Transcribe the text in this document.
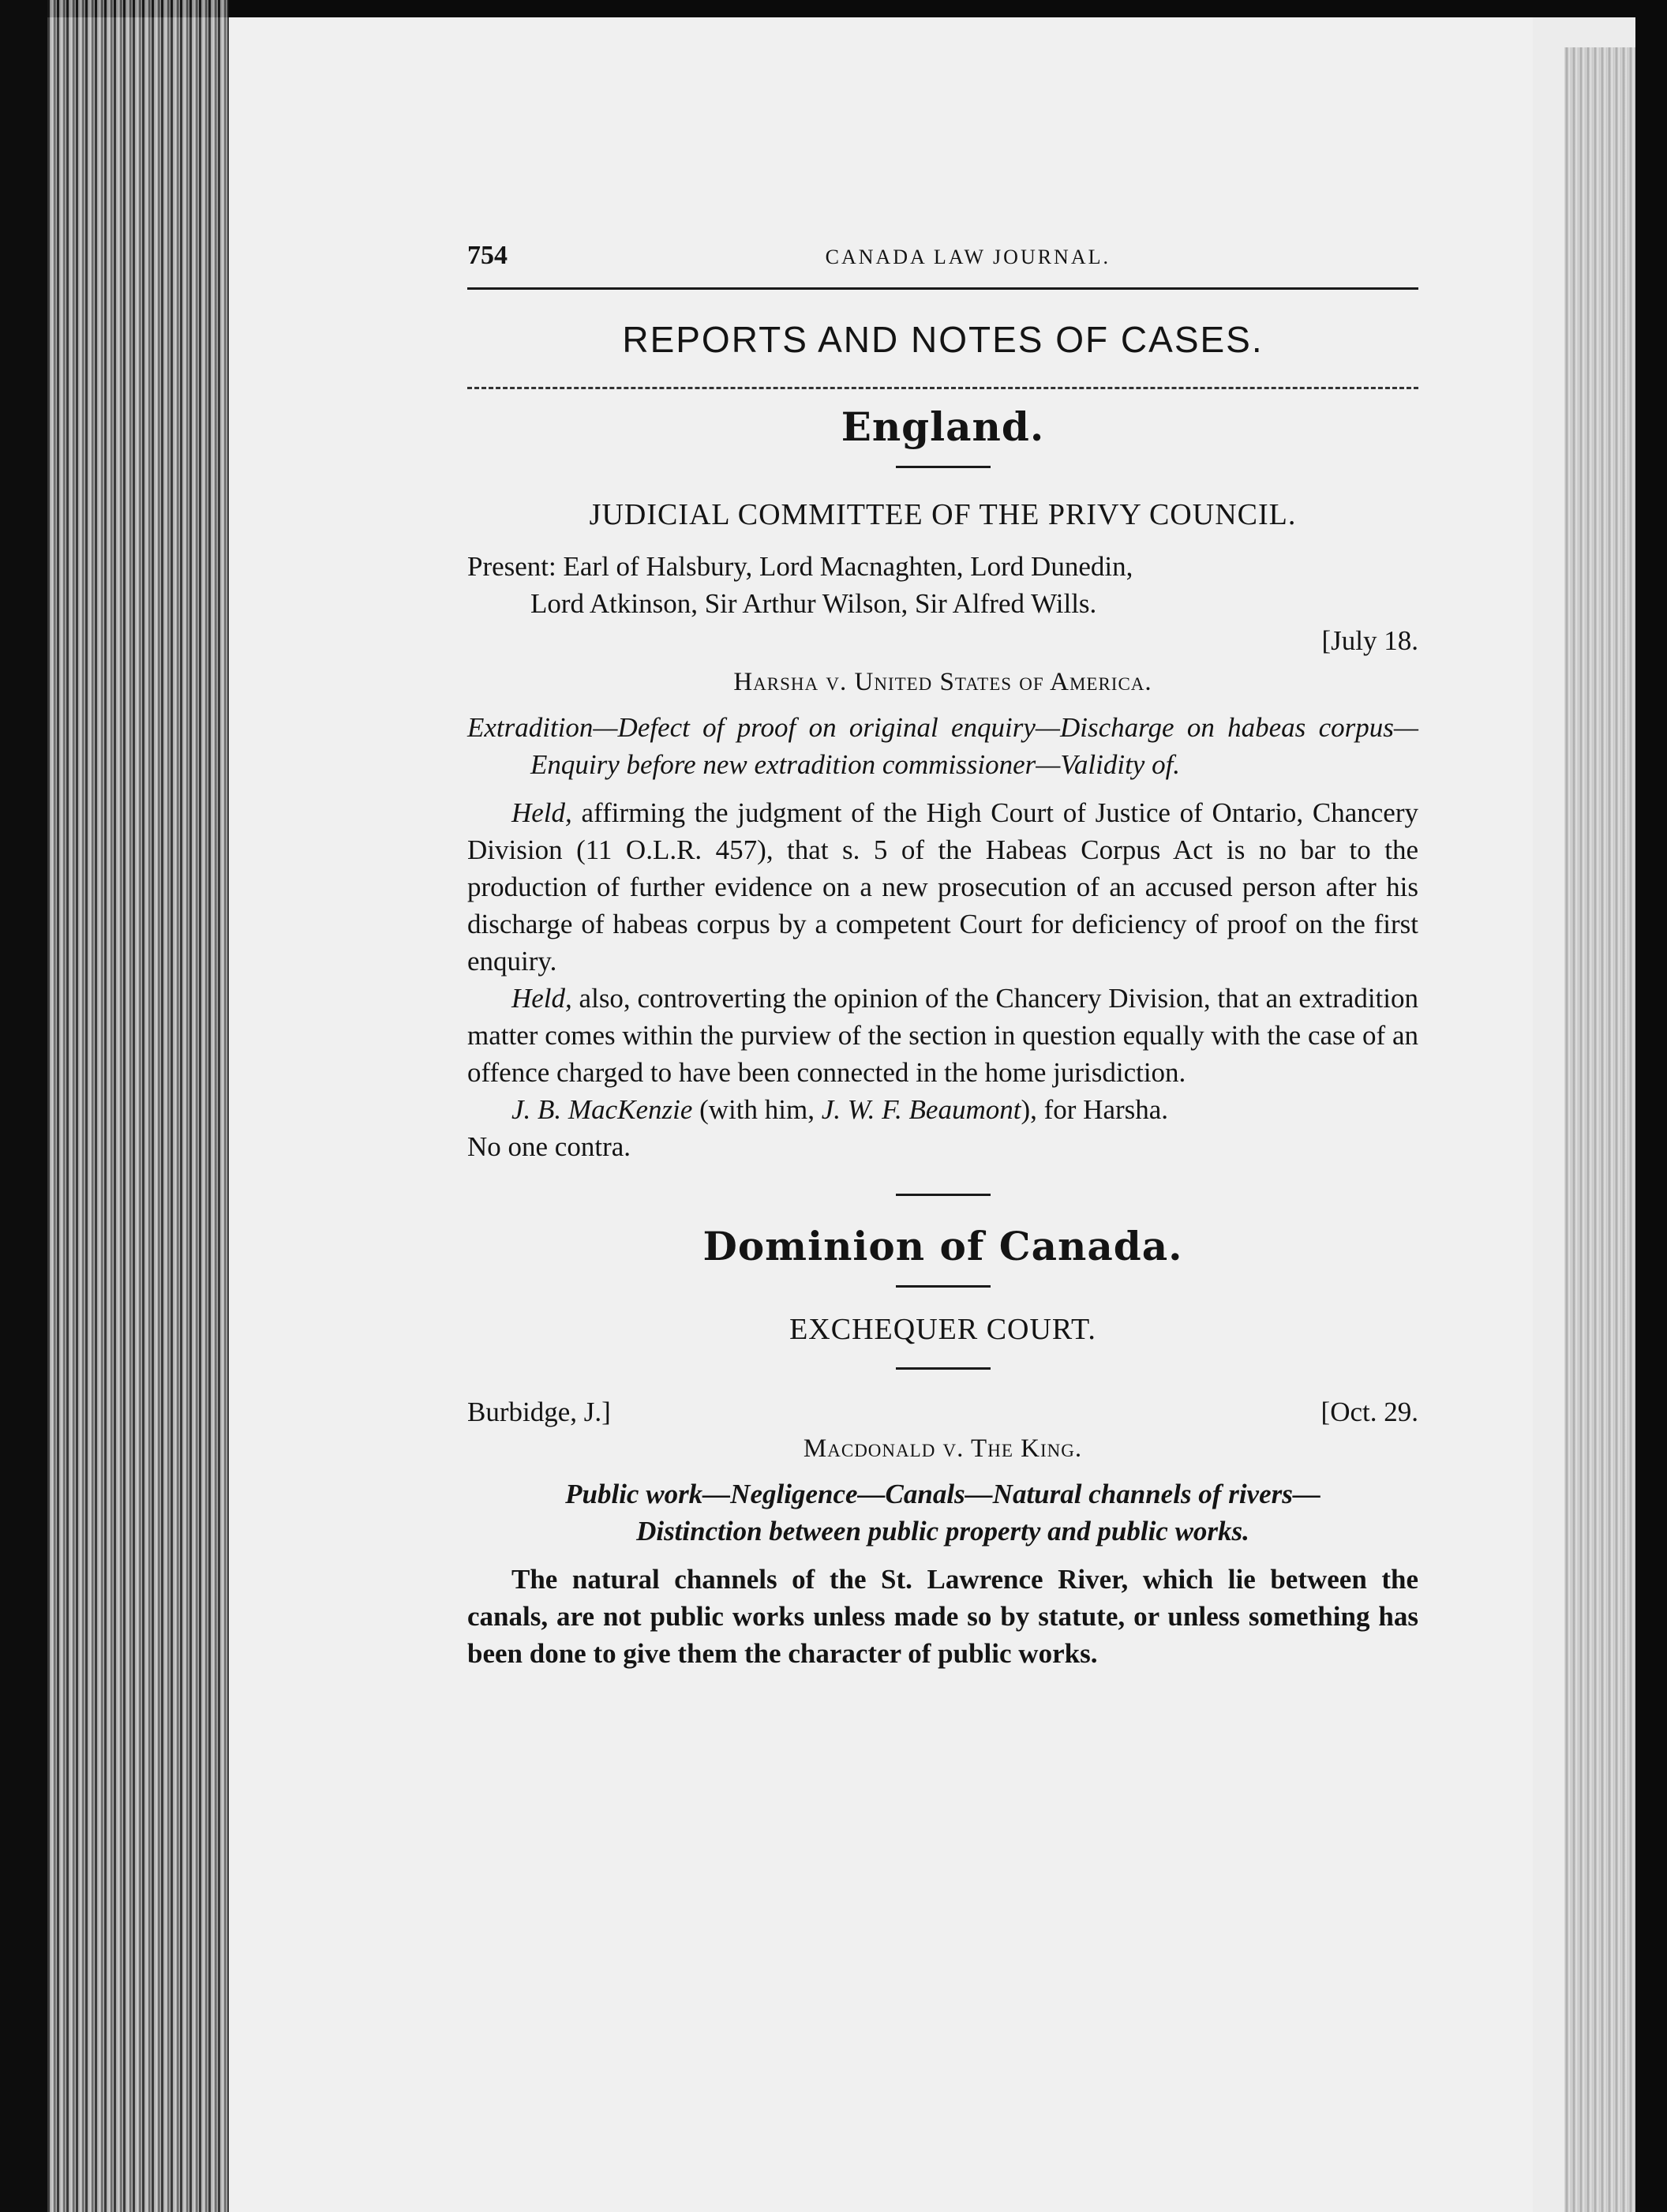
754	CANADA LAW JOURNAL.
REPORTS AND NOTES OF CASES.
England.
JUDICIAL COMMITTEE OF THE PRIVY COUNCIL.
Present: Earl of Halsbury, Lord Macnaghten, Lord Dunedin,
Lord Atkinson, Sir Arthur Wilson, Sir Alfred Wills.
[July 18.
Harsha v. United States of America.
Extradition—Defect of proof on original enquiry—Discharge on habeas corpus—Enquiry before new extradition commissioner—Validity of.

Held, affirming the judgment of the High Court of Justice of Ontario, Chancery Division (11 O.L.R. 457), that s. 5 of the Habeas Corpus Act is no bar to the production of further evidence on a new prosecution of an accused person after his discharge of habeas corpus by a competent Court for deficiency of proof on the first enquiry.

Held, also, controverting the opinion of the Chancery Division, that an extradition matter comes within the purview of the section in question equally with the case of an offence charged to have been connected in the home jurisdiction.

J. B. MacKenzie (with him, J. W. F. Beaumont), for Harsha.

No one contra.

Dominion of Canada.
EXCHEQUER COURT.
Burbidge, J.]	[Oct. 29.
Macdonald v. The King.
Public work—Negligence—Canals—Natural channels of rivers—
Distinction between public property and public works.

The natural channels of the St. Lawrence River, which lie between the canals, are not public works unless made so by statute, or unless something has been done to give them the character of public works.
